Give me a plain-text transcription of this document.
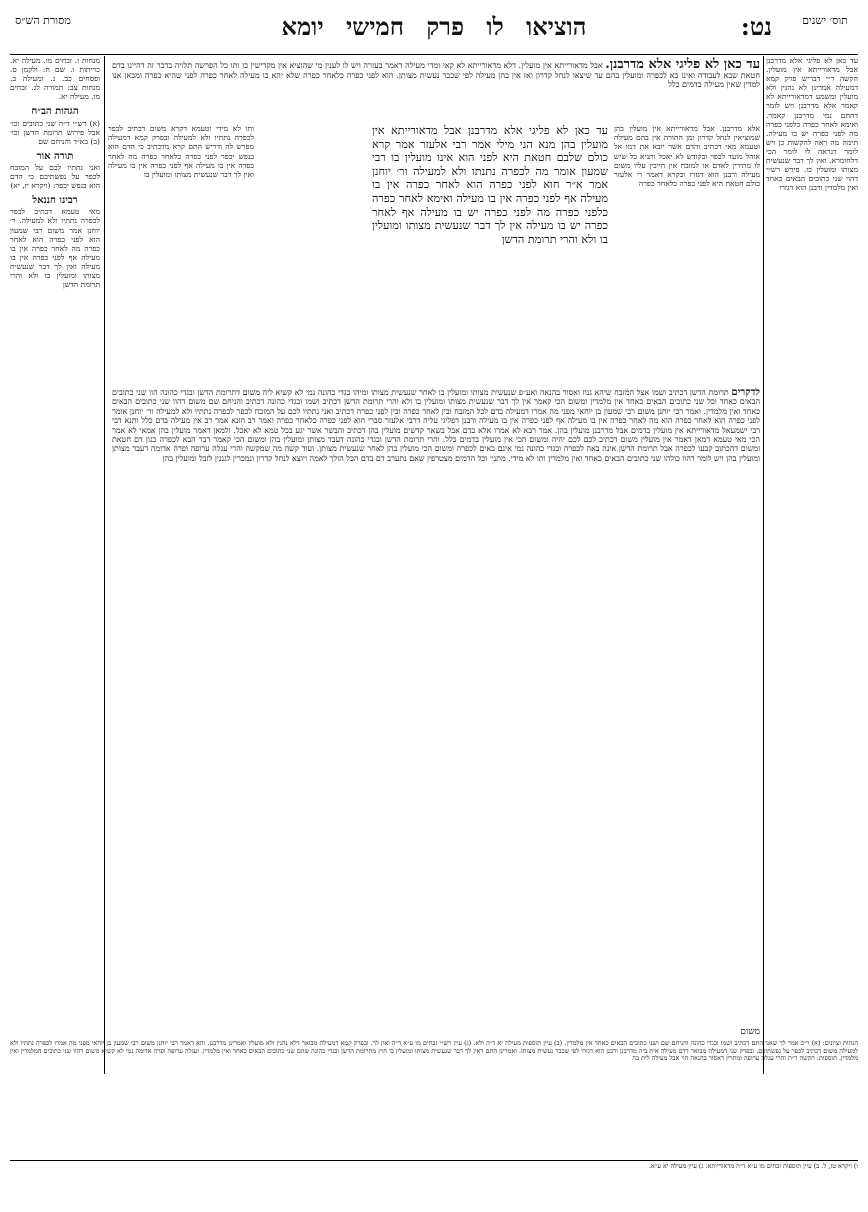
תוס׳ ישנים
נט:
הוציאו לו פרק חמישי יומא
מסורת הש״ס
עד כאן לא פליגי אלא מדרבנן אבל מדאורייתא אין מועלין. הקשה ר״י דבריש פרק קמא דמעילה אמרינן לא נהנין ולא מועלין ומשמע דמדאורייתא לא קאמר אלא מדרבנן ויש לומר דהתם נמי מדרבנן קאמר. ואימא לאחר כפרה כלפני כפרה מה לפני כפרה יש בו מעילה. תימה מה ראה להקשות כן ויש לומר דנראה לו לומר הכי דלחומרא. ואין לך דבר שנעשית מצותו ומועלין בו. פירש רש״י דהוי שני כתובים הבאים כאחד ואין מלמדין ורבנן הוא דגזרו
מנחות ו. זבחים מו. מעילה יא. כריתות ו. שם ח: ולקמן ס. ופסחים כב. נ. ומעילה ב. מנחות צב: תמורה לג. זבחים מו. מעילה יא.
הגהות הב״ח
(א) רש״י ד״ה שני כתובים וכו׳ אבל פירוש תרומת הדשן וכו׳ (ב) בא״ד והניחם שם
תורה אור
ואני נתתיו לכם על המזבח לכפר על נפשתיכם כי הדם הוא בנפש יכפר: (ויקרא יז, יא)
רבינו חננאל
מאי טעמא דכתיב לכפר לכפרה נתתיו ולא למעילה. ר׳ יוחנן אמר משום רבי שמעון הוא לפני כפרה הוא לאחר כפרה מה לאחר כפרה אין בו מעילה אף לפני כפרה אין בו מעילה ואין לך דבר שנעשית מצותו ומועלין בו ולא והרי תרומת הדשן
עד כאן לא פליגי אלא מדרבנן. אבל מדאורייתא אין מועלין. דלא מדאורייתא לא קאי ומדי מעילה דאמר בעזרה ויש לו לענין מי שהוציא אין מקדישין בו ותו כל הפרשה תלויה בדבר זה דהיינו בדם חטאת שבא לעבודה ואינו בא לכפרה ומועלין בהם עד שיצאו לנחל קדרון ואז אין בהן מעילה לפי שכבר נעשית מצותן. הוא לפני כפרה כלאחר כפרה שלא יהא בו מעילה לאחר כפרה לפני שהיא כפרה ומכאן אנו למדין שאין מעילה בדמים כלל
אלא מדרבנן. אבל מדאורייתא אין מועלין בהן שמוציאין לנחל קדרון ומן התורה אין בהם מעילה וטעמא מאי דכתיב והדם אשר יובא את דמו אל אוהל מועד לכפר ובקודש לא יאכל ותניא כל שיש לו מתירין לאדם או למזבח אין חייבין עליו משום מעילה ורבנן הוא דגזרו ובקרא דאמר ר׳ אלעזר כולם חטאת היא לפני כפרה כלאחר כפרה
עד כאן לא פליגי אלא מדרבנן אבל מדאורייתא אין מועלין בהן מנא הני מילי אמר רבי אלעזר אמר קרא כולם שלבם חטאת היא לפני הוא אינו מועלין בו רבי שמעון אומר מה לכפרה נתנתו ולא למעילה ור׳ יוחנן אמר א״ר חוא לפני כפרה הוא לאחר כפרה אין בו מעילה אף לפני כפרה אין בו מעילה ואימא לאחר כפרה כלפני כפרה מה לפני כפרה יש בו מעילה אף לאחר כפרה יש בו מעילה אין לך דבר שנעשית מצותו ומועלין בו ולא והרי תרומת הדשן
ותו לא מידי וטעמא דקרא משום דכתיב לכפר לכפרה נתתיו ולא למעילה ובפרק קמא דמעילה מפרש לה ודריש התם קרא מדכתיב כי הדם הוא בנפש יכפר לפני כפרה כלאחר כפרה מה לאחר כפרה אין בו מעילה אף לפני כפרה אין בו מעילה ואין לך דבר שנעשית מצותו ומועלין בו
לדקרים תרומת הדשן דכתיב ושמו אצל המזבח שיהא גנוז ואסור בהנאה ואע״פ שנעשית מצותו ומועלין בו לאחר שנעשית מצותו ומיהו בגדי כהונה נמי לא קשיא ליה משום דתרומת הדשן ובגדי כהונה הוו שני כתובים הבאים כאחד וכל שני כתובים הבאים כאחד אין מלמדין ומשום הכי קאמר אין לך דבר שנעשית מצותו ומועלין בו ולא והרי תרומת הדשן דכתיב ושמו ובגדי כהונה דכתיב והניחם שם משום דהוו שני כתובים הבאים כאחד ואין מלמדין. ואמר רבי יוחנן משום רבי שמעון בן יוחאי מפני מה אמרו דמעילה בדם לכל המזבח ובין לאחר כפרה ובין לפני כפרה דכתיב ואני נתתיו לכם על המזבח לכפר לכפרה נתתיו ולא למעילה ור׳ יוחנן אומר לפני כפרה הוא לאחר כפרה הוא מה לאחר כפרה אין בו מעילה אף לפני כפרה אין בו מעילה ורבנן דפליגי עליה דרבי אלעזר סברי הוא לפני כפרה כלאחר כפרה ואמר רב הונא אמר רב אין מעילה בדם כלל ותנא דבי רבי ישמעאל מדאורייתא אין מועלין בדמים אבל מדרבנן מועלין בהן. אמר רבא לא אמרו אלא בדם אבל בשאר קדשים מועלין בהן דכתיב והבשר אשר יגע בכל טמא לא יאכל. ולמאן דאמר מועלין בהן אמאי לא אמר הכי מאי טעמא דמאן דאמר אין מועלין משום דכתיב לכם לכם יהיה ומשום הכי אין מועלין בדמים כלל. והרי תרומת הדשן ובגדי כהונה דעבד מצותן ומועלין בהן ומשום הכי קאמר דבר הבא לכפרה כגון דם חטאת ומשום דהכתוב קבעו לכפרה אבל תרומת הדשן אינה באה לכפרה ובגדי כהונה נמי אינם באים לכפרה ומשום הכי מועלין בהן לאחר שנעשית מצותן. ועוד קשה מה שמקשה והרי עגלה ערופה ופרה אדומה דעבד מצותן ומועלין בהן ויש לומר דהוו כולהו שני כתובים הבאים כאחד ואין מלמדין ותו לא מידי. מתני׳ וכל הדמים מצטרפין שאם נתערב דם בדם הכל הולך לאמה ויוצא לנחל קדרון ונמכרין לגננין לזבל ומועלין בהן
משום
הגהות וציונים: (א) ר״ב אמר לך שאני התם דכתיב ושמו ובגדי כהונה והניחם שם ושני כתובים הבאים כאחד אין מלמדין. (ב) עיין תוספות מעילה יא ד״ה ולא. (ג) עיין רש״י זבחים מו ע״א ד״ה ואין לך. ובפרק קמא דמעילה מבואר דלא נהנין ולא מועלין ואמרינן מדרבנן. והא דאמר רבי יוחנן משום רבי שמעון בן יוחאי מפני מה אמרו לכפרה נתתיו ולא למעילה משום דכתיב לכפר על נפשתיכם. ובפרק שני דמעילה מבואר דדם מעילה אית ביה מדרבנן ורבנן הוא דגזרו לפי שכבר נעשית מצותו. ואמרינן התם דאין לך דבר שנעשית מצותו ומועלין בו חוץ מתרומת הדשן ובגדי כהונה שהם שני כתובים הבאים כאחד ואין מלמדין. ועגלה ערופה ופרה אדומה נמי לא קשיא משום דהוו שני כתובים המלמדין ואין מלמדין. תוספות: הקשה ר״ת והרי עגלה ערופה ומתרץ דאסור בהנאה הוי אבל מעילה לית בה
ו) ויקרא טז, ל. ב) עיין תוספות זבחים מו ע״א ד״ה מדאורייתא. ג) עיין מעילה יא ע״א.
